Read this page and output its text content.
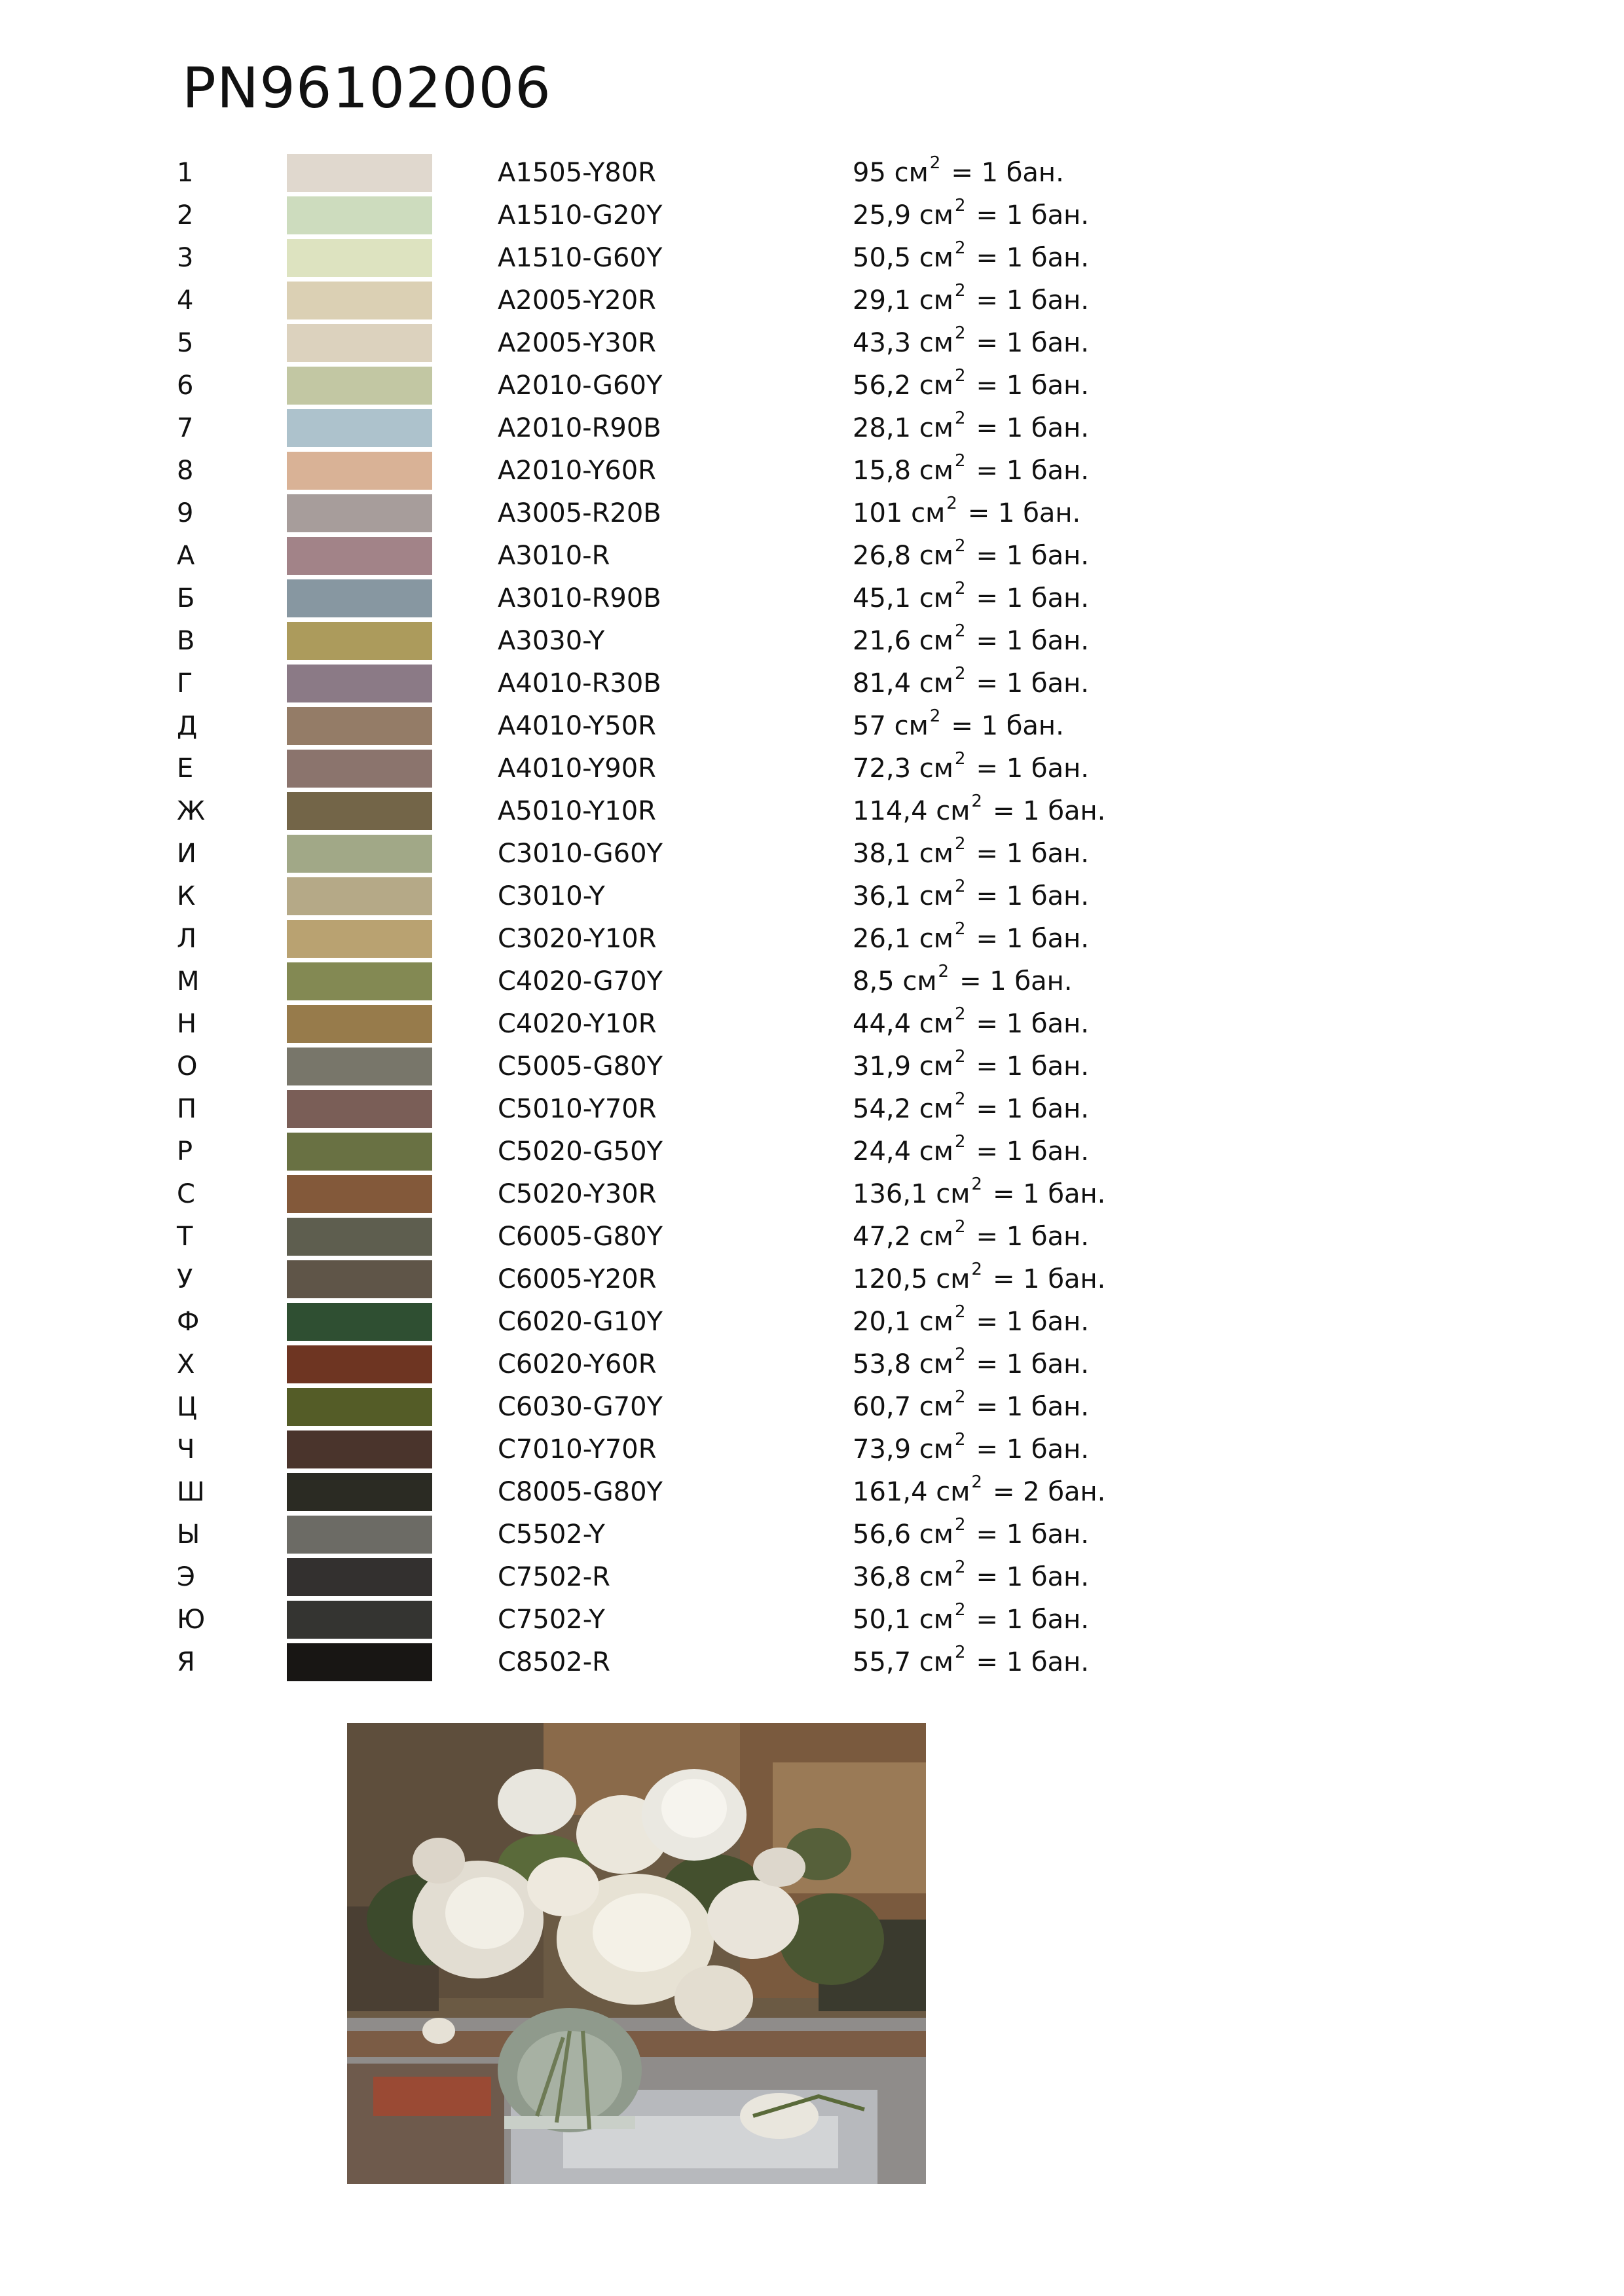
PN96102006
1	A1505-Y80R	95 $см^2 = 1$ бан.
2	A1510-G20Y	25,9 $см^2 = 1$ бан.
3	A1510-G60Y	50,5 $см^2 = 1$ бан.
4	A2005-Y20R	29,1 $см^2 = 1$ бан.
5	A2005-Y30R	43,3 $см^2 = 1$ бан.
6	A2010-G60Y	56,2 $см^2 = 1$ бан.
7	A2010-R90B	28,1 $см^2 = 1$ бан.
8	A2010-Y60R	15,8 $см^2 = 1$ бан.
9	A3005-R20B	101 $см^2 = 1$ бан.
А	A3010-R	26,8 $см^2 = 1$ бан.
Б	A3010-R90B	45,1 $см^2 = 1$ бан.
В	A3030-Y	21,6 $см^2 = 1$ бан.
Г	A4010-R30B	81,4 $см^2 = 1$ бан.
Д	A4010-Y50R	57 $см^2 = 1$ бан.
Е	A4010-Y90R	72,3 $см^2 = 1$ бан.
Ж	A5010-Y10R	114,4 $см^2 = 1$ бан.
И	C3010-G60Y	38,1 $см^2 = 1$ бан.
К	C3010-Y	36,1 $см^2 = 1$ бан.
Л	C3020-Y10R	26,1 $см^2 = 1$ бан.
М	C4020-G70Y	8,5 $см^2 = 1$ бан.
Н	C4020-Y10R	44,4 $см^2 = 1$ бан.
О	C5005-G80Y	31,9 $см^2 = 1$ бан.
П	C5010-Y70R	54,2 $см^2 = 1$ бан.
Р	C5020-G50Y	24,4 $см^2 = 1$ бан.
С	C5020-Y30R	136,1 $см^2 = 1$ бан.
Т	C6005-G80Y	47,2 $см^2 = 1$ бан.
У	C6005-Y20R	120,5 $см^2 = 1$ бан.
Ф	C6020-G10Y	20,1 $см^2 = 1$ бан.
Х	C6020-Y60R	53,8 $см^2 = 1$ бан.
Ц	C6030-G70Y	60,7 $см^2 = 1$ бан.
Ч	C7010-Y70R	73,9 $см^2 = 1$ бан.
Ш	C8005-G80Y	161,4 $см^2 = 2$ бан.
Ы	C5502-Y	56,6 $см^2 = 1$ бан.
Э	C7502-R	36,8 $см^2 = 1$ бан.
Ю	C7502-Y	50,1 $см^2 = 1$ бан.
Я	C8502-R	55,7 $см^2 = 1$ бан.
